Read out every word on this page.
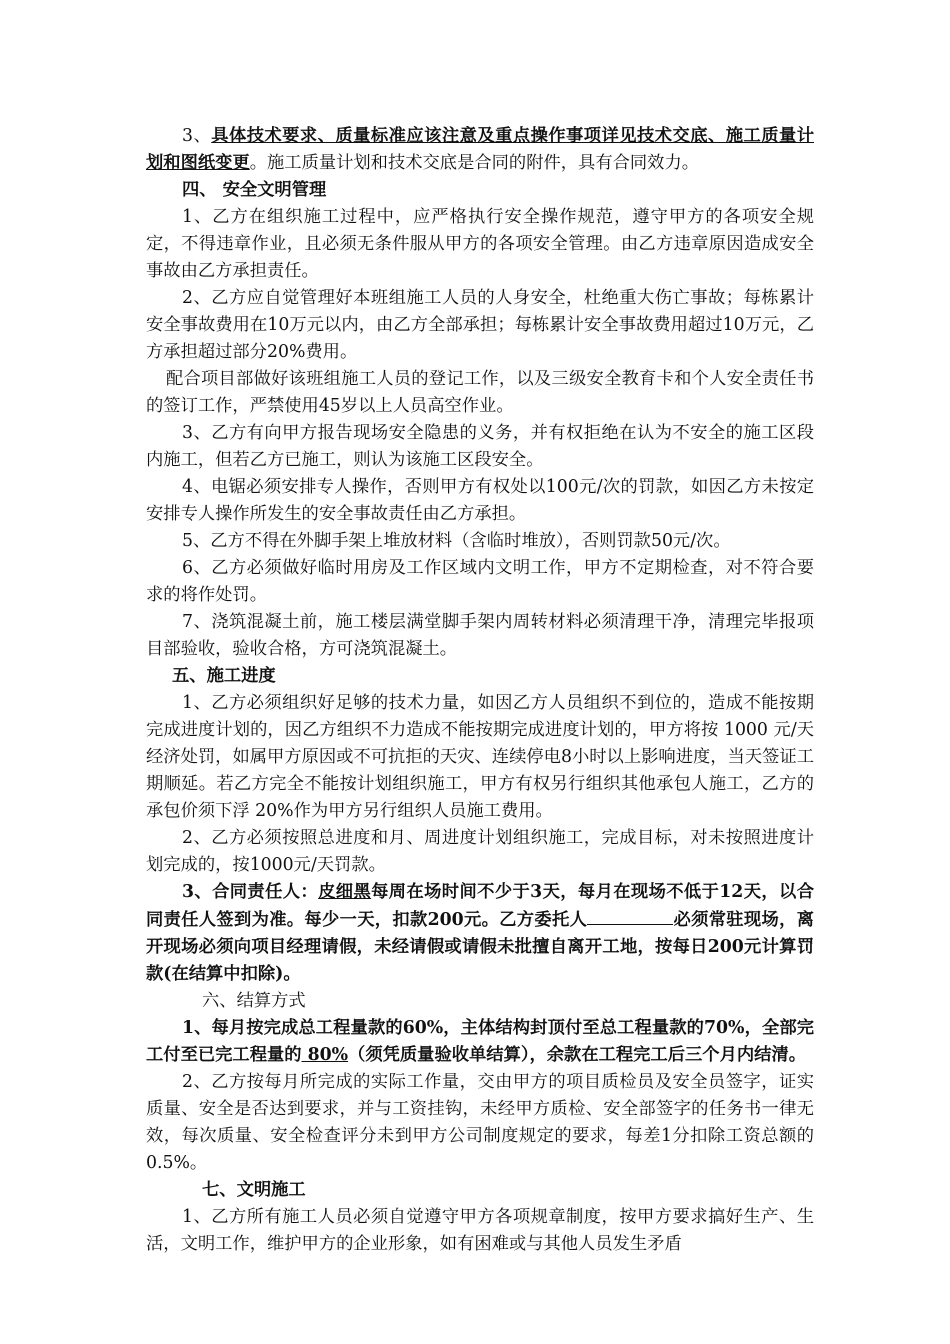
3、具体技术要求、质量标准应该注意及重点操作事项详见技术交底、施工质量计划和图纸变更。施工质量计划和技术交底是合同的附件，具有合同效力。

四、 安全文明管理

1、乙方在组织施工过程中，应严格执行安全操作规范，遵守甲方的各项安全规定，不得违章作业，且必须无条件服从甲方的各项安全管理。由乙方违章原因造成安全事故由乙方承担责任。

2、乙方应自觉管理好本班组施工人员的人身安全，杜绝重大伤亡事故；每栋累计安全事故费用在10万元以内，由乙方全部承担；每栋累计安全事故费用超过10万元，乙方承担超过部分20%费用。

配合项目部做好该班组施工人员的登记工作，以及三级安全教育卡和个人安全责任书的签订工作，严禁使用45岁以上人员高空作业。

3、乙方有向甲方报告现场安全隐患的义务，并有权拒绝在认为不安全的施工区段内施工，但若乙方已施工，则认为该施工区段安全。

4、电锯必须安排专人操作，否则甲方有权处以100元/次的罚款，如因乙方未按定安排专人操作所发生的安全事故责任由乙方承担。

5、乙方不得在外脚手架上堆放材料（含临时堆放），否则罚款50元/次。

6、乙方必须做好临时用房及工作区域内文明工作，甲方不定期检查，对不符合要求的将作处罚。

7、浇筑混凝土前，施工楼层满堂脚手架内周转材料必须清理干净，清理完毕报项目部验收，验收合格，方可浇筑混凝土。

五、施工进度

1、乙方必须组织好足够的技术力量，如因乙方人员组织不到位的，造成不能按期完成进度计划的，因乙方组织不力造成不能按期完成进度计划的，甲方将按 1000 元/天经济处罚，如属甲方原因或不可抗拒的天灾、连续停电8小时以上影响进度，当天签证工期顺延。若乙方完全不能按计划组织施工，甲方有权另行组织其他承包人施工，乙方的承包价须下浮 20%作为甲方另行组织人员施工费用。

2、乙方必须按照总进度和月、周进度计划组织施工，完成目标，对未按照进度计划完成的，按1000元/天罚款。

3、合同责任人：皮细黑每周在场时间不少于3天，每月在现场不低于12天，以合同责任人签到为准。每少一天，扣款200元。乙方委托人	必须常驻现场，离开现场必须向项目经理请假，未经请假或请假未批擅自离开工地，按每日200元计算罚款(在结算中扣除)。

六、结算方式

1、每月按完成总工程量款的60%，主体结构封顶付至总工程量款的70%，全部完工付至已完工程量的 80%（须凭质量验收单结算），余款在工程完工后三个月内结清。

2、乙方按每月所完成的实际工作量，交由甲方的项目质检员及安全员签字，证实质量、安全是否达到要求，并与工资挂钩，未经甲方质检、安全部签字的任务书一律无效，每次质量、安全检查评分未到甲方公司制度规定的要求，每差1分扣除工资总额的0.5%。

七、文明施工

1、乙方所有施工人员必须自觉遵守甲方各项规章制度，按甲方要求搞好生产、生活，文明工作，维护甲方的企业形象，如有困难或与其他人员发生矛盾
